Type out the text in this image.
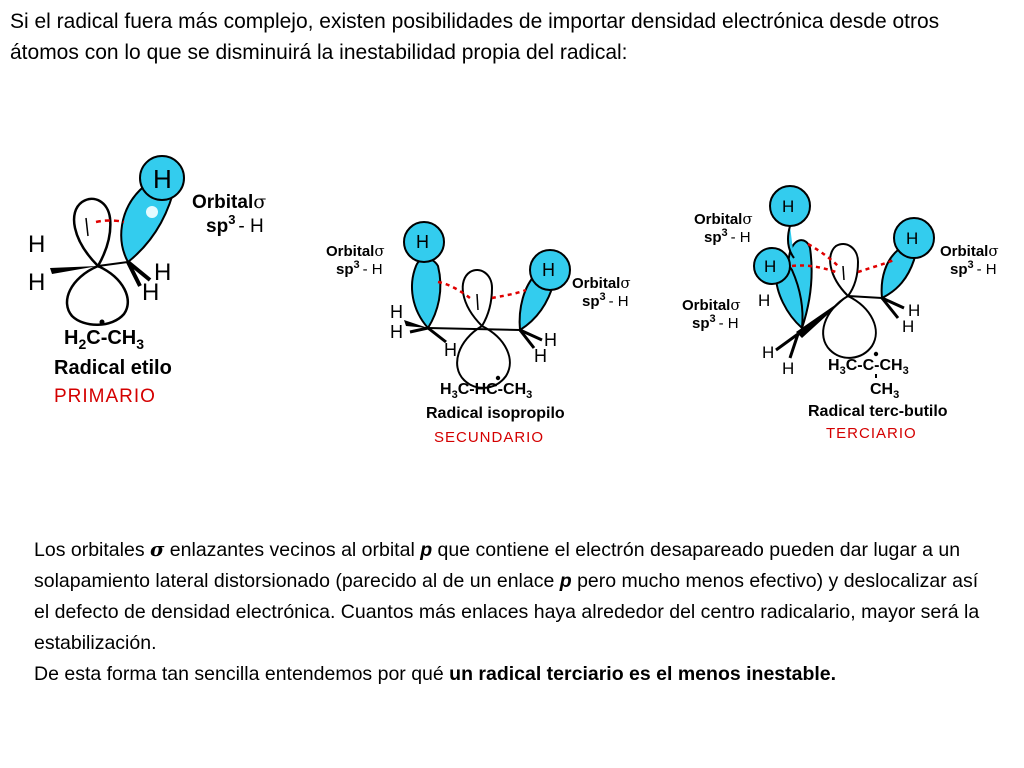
Si el radical fuera más complejo, existen posibilidades de importar densidad electrónica desde otros átomos con lo que se disminuirá la inestabilidad propia del radical:

H
H
H	H
H
Orbitalσ
$sp^3$ - H
$H_2C-CH_3$
Radical etilo
PRIMARIO
H
H
H
H
H	H
H
Orbitalσ
$sp^3$ - H
Orbitalσ
$sp^3$ - H
$H_3C-HC-CH_3$
Radical isopropilo
SECUNDARIO
H
H
H
H
H
H
H
H
Orbitalσ
$sp^3$ - H
Orbitalσ
$sp^3$ - H
Orbitalσ
$sp^3$ - H
$H_3C-C-CH_3$
$CH_3$
Radical terc-butilo
TERCIARIO

Los orbitales σ enlazantes vecinos al orbital p que contiene el electrón desapareado pueden dar lugar a un solapamiento lateral distorsionado (parecido al de un enlace p pero mucho menos efectivo) y deslocalizar así el defecto de densidad electrónica. Cuantos más enlaces haya alrededor del centro radicalario, mayor será la estabilización.

De esta forma tan sencilla entendemos por qué un radical terciario es el menos inestable.
